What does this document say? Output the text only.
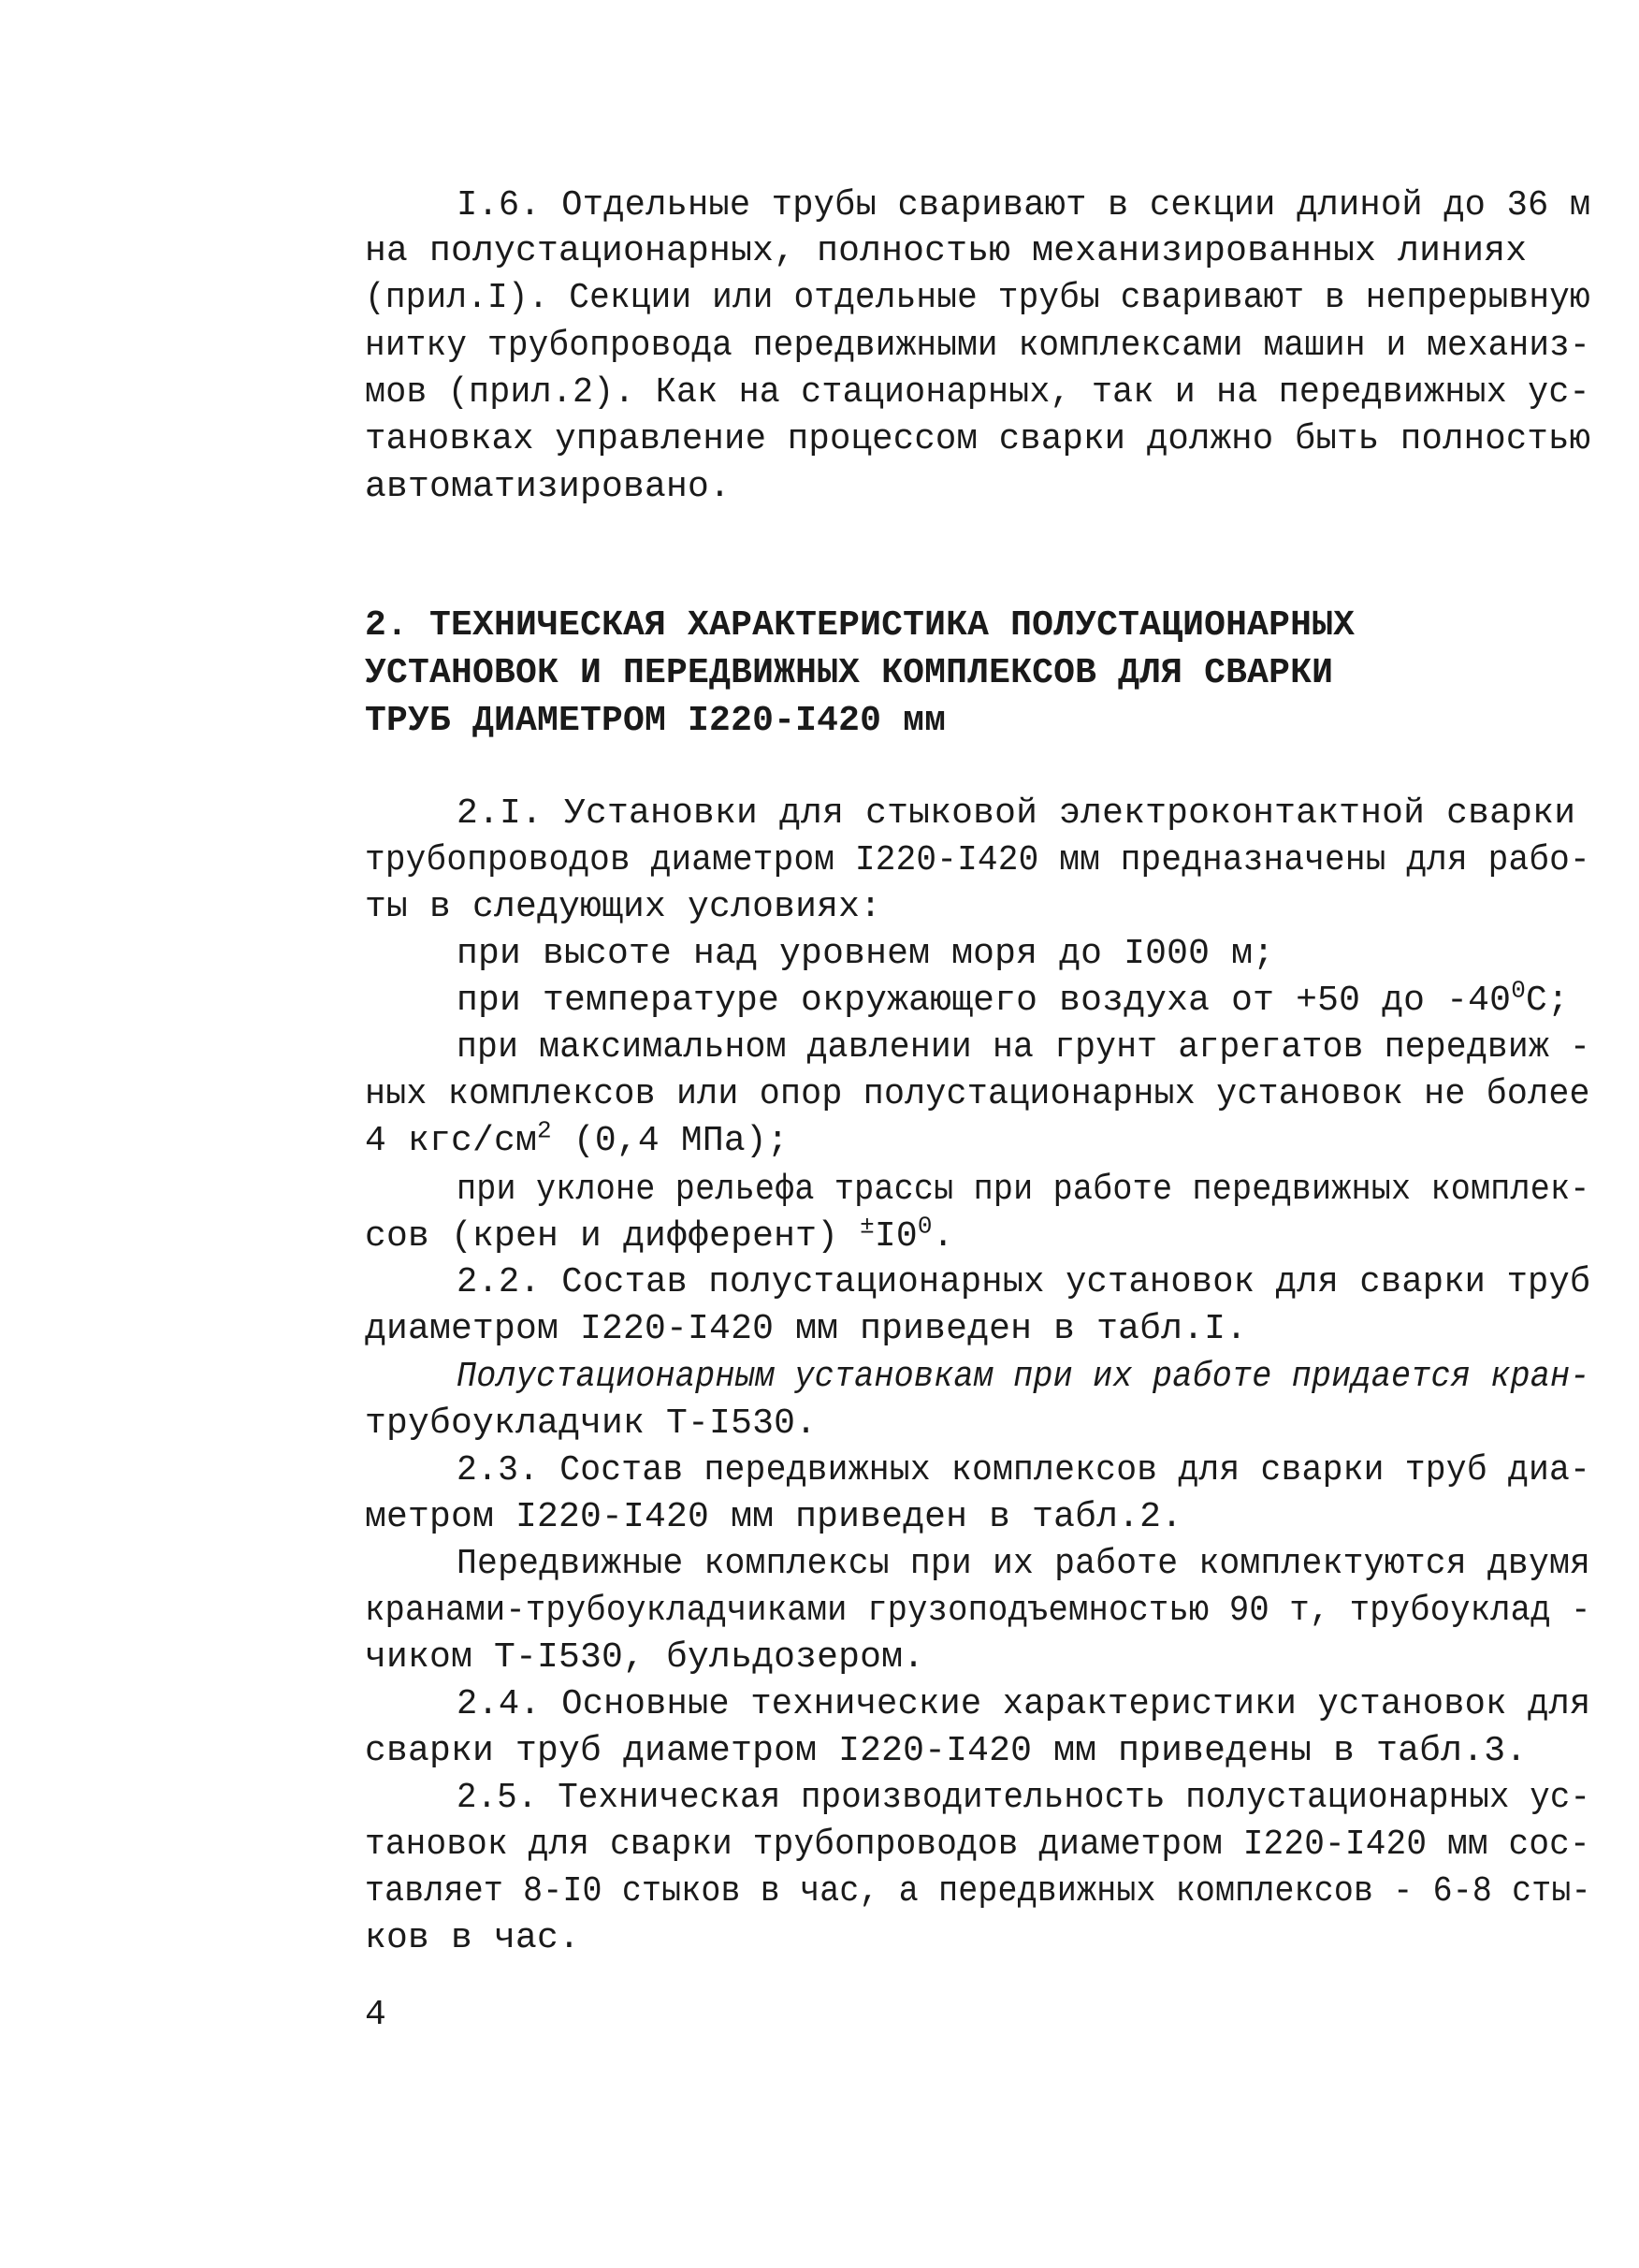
I.6. Отдельные трубы сваривают в секции длиной до 36 м
на полустационарных, полностью механизированных линиях
(прил.I). Секции или отдельные трубы сваривают в непрерывную
нитку трубопровода передвижными комплексами машин и механиз-
мов (прил.2). Как на стационарных, так и на передвижных ус-
тановках управление процессом сварки должно быть полностью
автоматизировано.
2. ТЕХНИЧЕСКАЯ ХАРАКТЕРИСТИКА ПОЛУСТАЦИОНАРНЫХ
УСТАНОВОК И ПЕРЕДВИЖНЫХ КОМПЛЕКСОВ ДЛЯ СВАРКИ
ТРУБ ДИАМЕТРОМ I220-I420 мм
2.I. Установки для стыковой электроконтактной сварки
трубопроводов диаметром I220-I420 мм предназначены для рабо-
ты в следующих условиях:
при высоте над уровнем моря до I000 м;
при температуре окружающего воздуха от +50 до $-40^0С$;
при максимальном давлении на грунт агрегатов передвиж -
ных комплексов или опор полустационарных установок не более
4 кгс/$см^2$ (0,4 МПа);
при уклоне рельефа трассы при работе передвижных комплек-
сов (крен и дифферент) $^\pm I0^0$.
2.2. Состав полустационарных установок для сварки труб
диаметром I220-I420 мм приведен в табл.I.
Полустационарным установкам при их работе придается кран-
трубоукладчик Т-I530.
2.3. Состав передвижных комплексов для сварки труб диа-
метром I220-I420 мм приведен в табл.2.
Передвижные комплексы при их работе комплектуются двумя
кранами-трубоукладчиками грузоподъемностью 90 т, трубоуклад -
чиком Т-I530, бульдозером.
2.4. Основные технические характеристики установок для
сварки труб диаметром I220-I420 мм приведены в табл.3.
2.5. Техническая производительность полустационарных ус-
тановок для сварки трубопроводов диаметром I220-I420 мм сос-
тавляет 8-I0 стыков в час, а передвижных комплексов - 6-8 сты-
ков в час.
4
